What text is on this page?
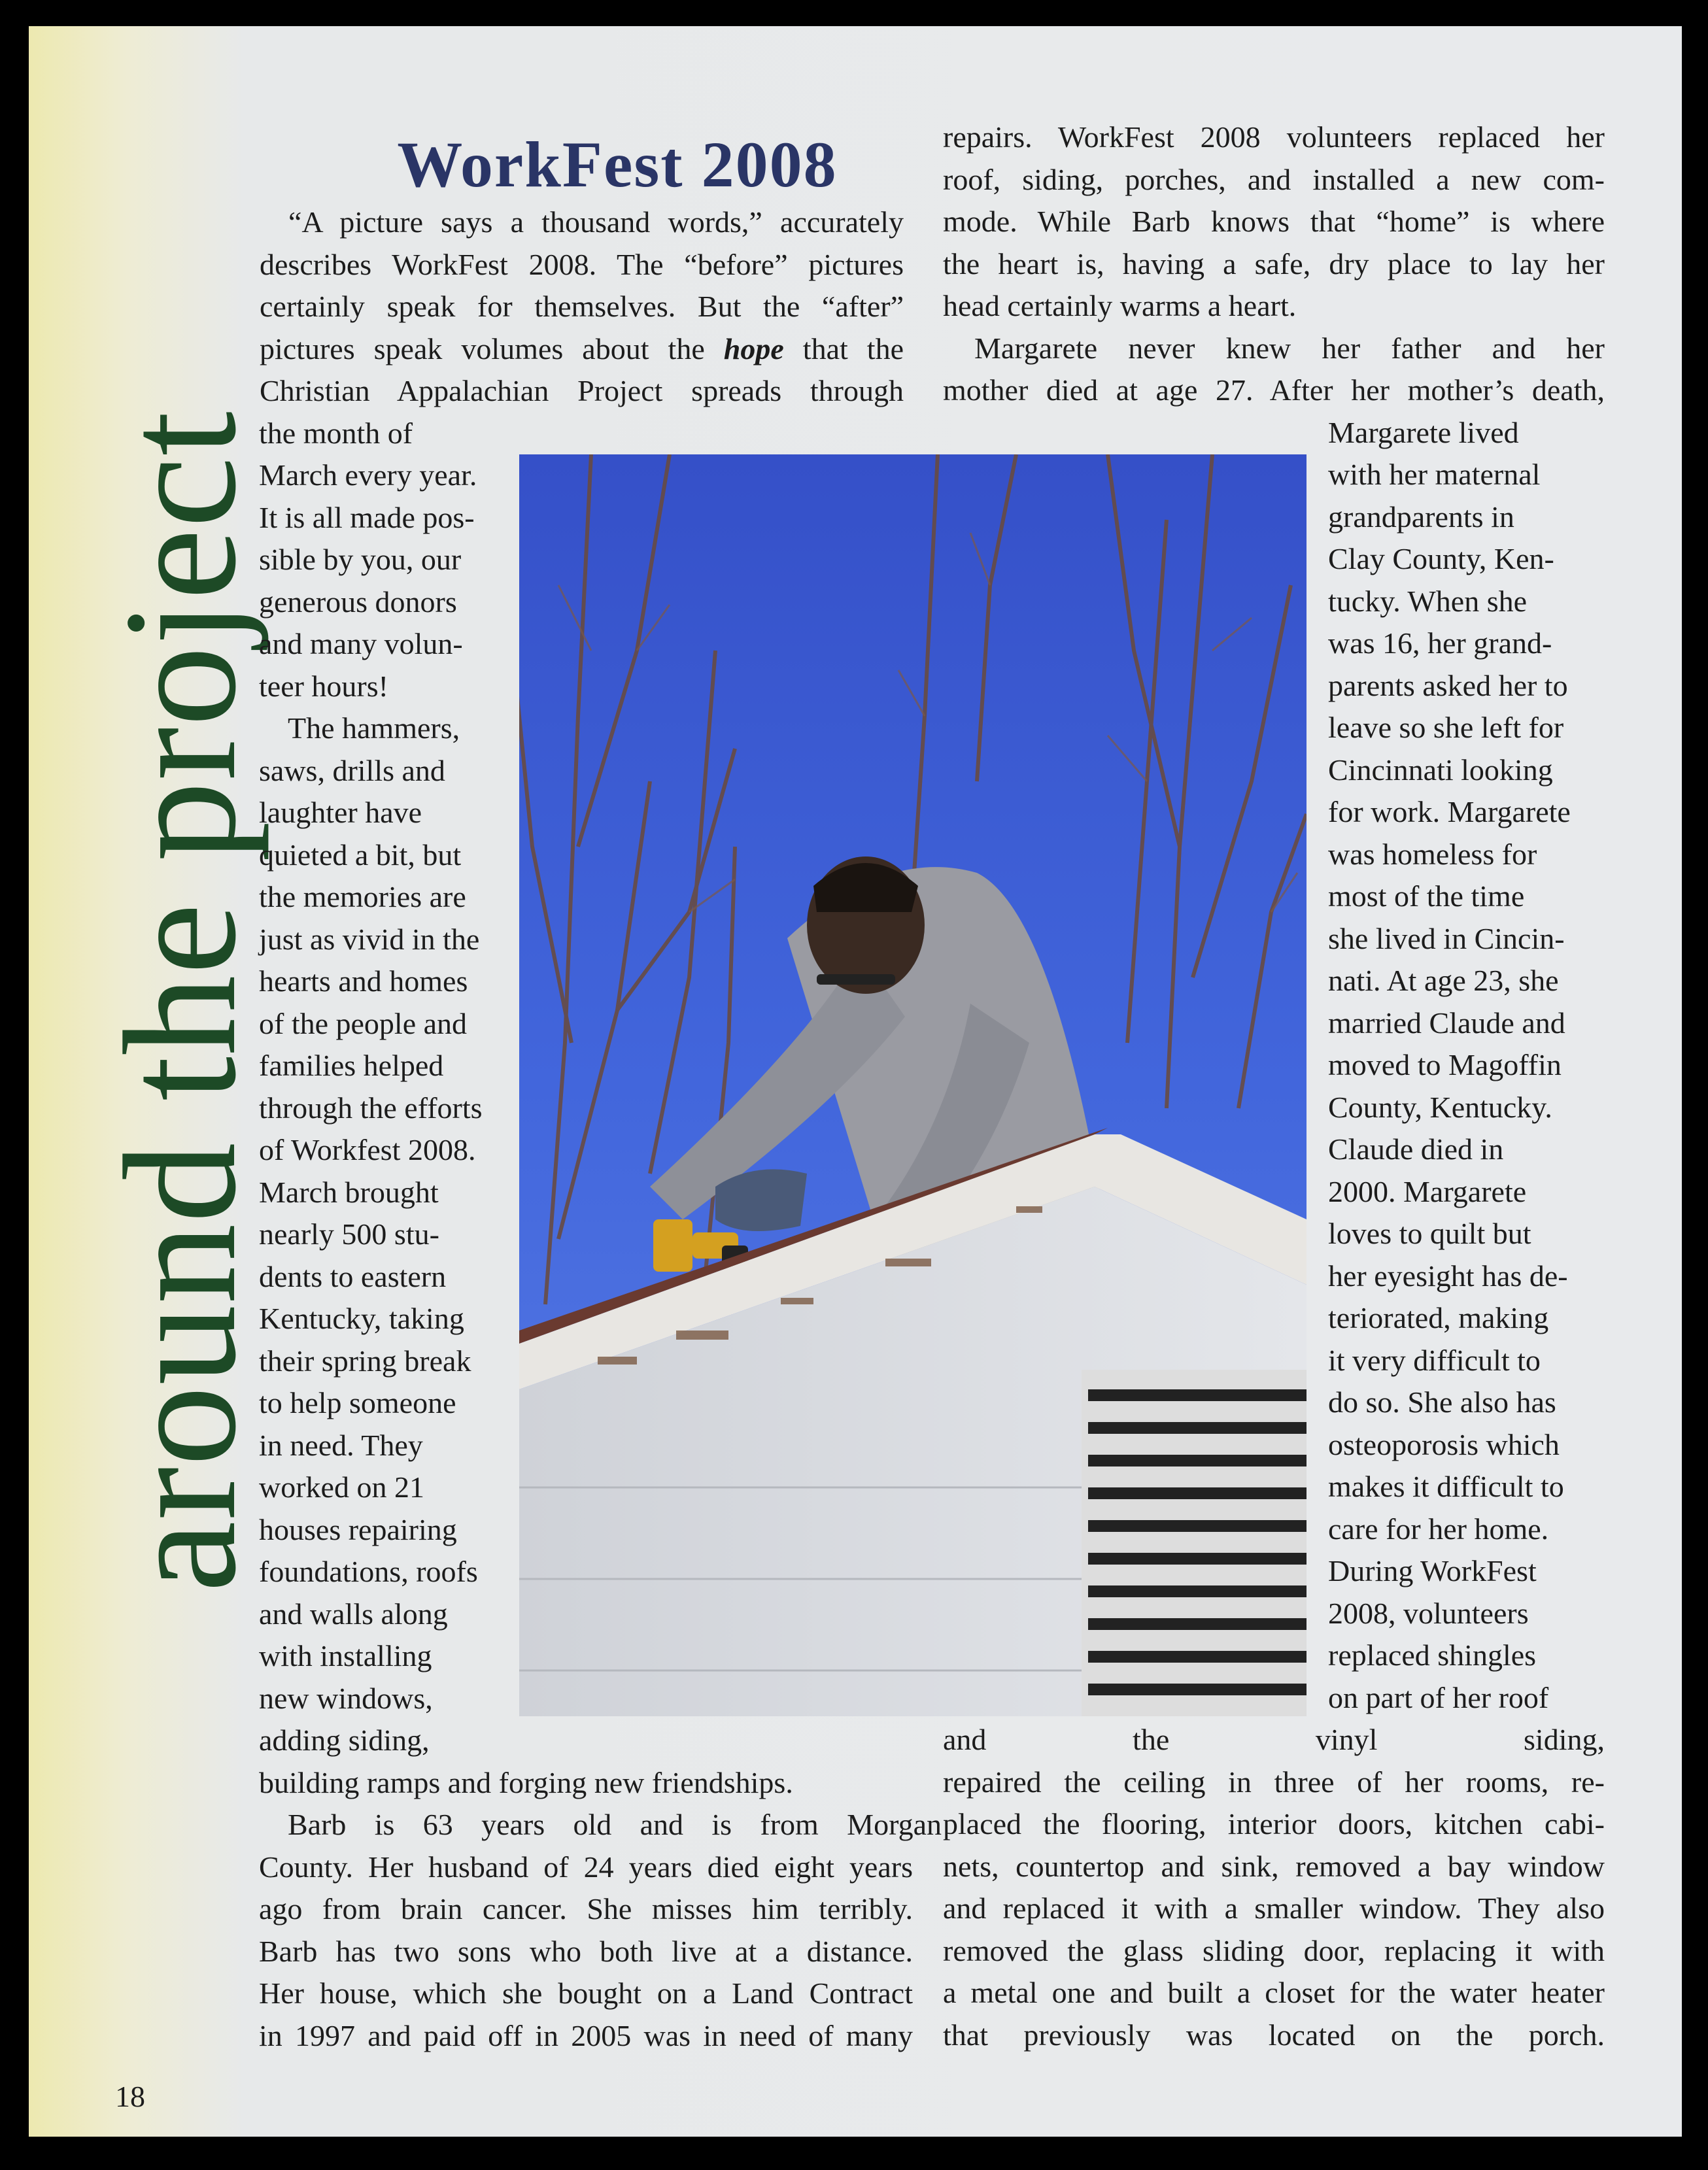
around the project
WorkFest 2008
“A picture says a thousand words,” accurately
describes WorkFest 2008. The “before” pictures
certainly speak for themselves. But the “after”
pictures speak volumes about the hope that the
Christian Appalachian Project spreads through
the month of
March every year.
It is all made pos-
sible by you, our
generous donors
and many volun-
teer hours!
The hammers,
saws, drills and
laughter have
quieted a bit, but
the memories are
just as vivid in the
hearts and homes
of the people and
families helped
through the efforts
of Workfest 2008.
March brought
nearly 500 stu-
dents to eastern
Kentucky, taking
their spring break
to help someone
in need. They
worked on 21
houses repairing
foundations, roofs
and walls along
with installing
new windows,
adding siding,
building ramps and forging new friendships.
Barb is 63 years old and is from Morgan
County. Her husband of 24 years died eight years
ago from brain cancer. She misses him terribly.
Barb has two sons who both live at a distance.
Her house, which she bought on a Land Contract
in 1997 and paid off in 2005 was in need of many
repairs. WorkFest 2008 volunteers replaced her
roof, siding, porches, and installed a new com-
mode. While Barb knows that “home” is where
the heart is, having a safe, dry place to lay her
head certainly warms a heart.
Margarete never knew her father and her
mother died at age 27. After her mother’s death,
Margarete lived
with her maternal
grandparents in
Clay County, Ken-
tucky. When she
was 16, her grand-
parents asked her to
leave so she left for
Cincinnati looking
for work. Margarete
was homeless for
most of the time
she lived in Cincin-
nati. At age 23, she
married Claude and
moved to Magoffin
County, Kentucky.
Claude died in
2000. Margarete
loves to quilt but
her eyesight has de-
teriorated, making
it very difficult to
do so. She also has
osteoporosis which
makes it difficult to
care for her home.
During WorkFest
2008, volunteers
replaced shingles
on part of her roof
and the vinyl siding,
repaired the ceiling in three of her rooms, re-
placed the flooring, interior doors, kitchen cabi-
nets, countertop and sink, removed a bay window
and replaced it with a smaller window. They also
removed the glass sliding door, replacing it with
a metal one and built a closet for the water heater
that previously was located on the porch.
18
